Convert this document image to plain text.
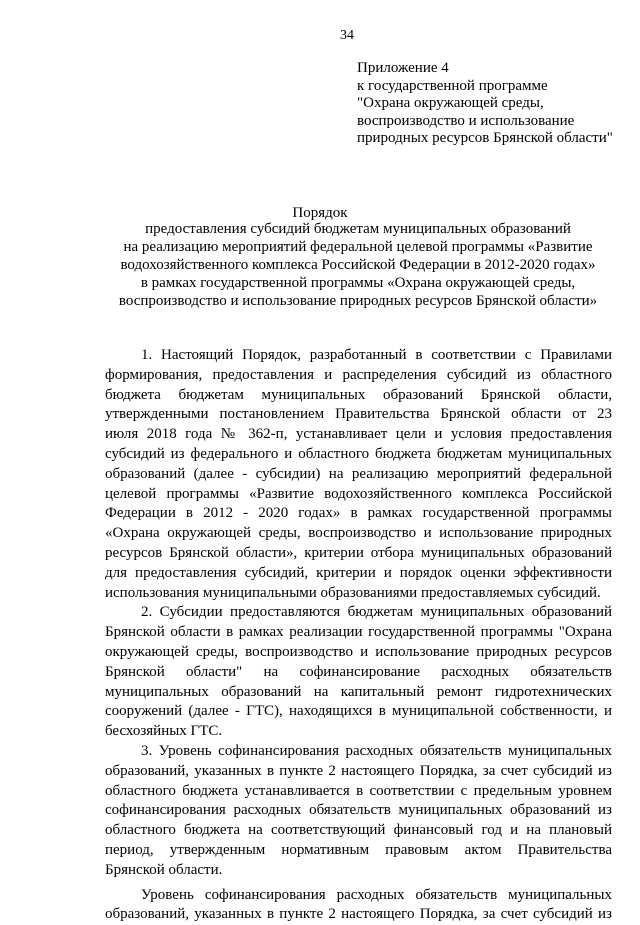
34
Приложение 4
к государственной программе
"Охрана окружающей среды,
воспроизводство и использование
природных ресурсов Брянской области"
Порядок
предоставления субсидий бюджетам муниципальных образований
на реализацию мероприятий федеральной целевой программы «Развитие
водохозяйственного комплекса Российской Федерации в 2012-2020 годах»
в рамках государственной программы «Охрана окружающей среды,
воспроизводство и использование природных ресурсов Брянской области»
1. Настоящий Порядок, разработанный в соответствии с Правилами
формирования, предоставления и распределения субсидий из областного
бюджета бюджетам муниципальных образований Брянской области,
утвержденными постановлением Правительства Брянской области от 23
июля 2018 года № 362-п, устанавливает цели и условия предоставления
субсидий из федерального и областного бюджета бюджетам муниципальных
образований (далее - субсидии) на реализацию мероприятий федеральной
целевой программы «Развитие водохозяйственного комплекса Российской
Федерации в 2012 - 2020 годах» в рамках государственной программы
«Охрана окружающей среды, воспроизводство и использование природных
ресурсов Брянской области», критерии отбора муниципальных образований
для предоставления субсидий, критерии и порядок оценки эффективности
использования муниципальными образованиями предоставляемых субсидий.
2. Субсидии предоставляются бюджетам муниципальных образований
Брянской области в рамках реализации государственной программы "Охрана
окружающей среды, воспроизводство и использование природных ресурсов
Брянской области" на софинансирование расходных обязательств
муниципальных образований на капитальный ремонт гидротехнических
сооружений (далее - ГТС), находящихся в муниципальной собственности, и
бесхозяйных ГТС.
3. Уровень софинансирования расходных обязательств муниципальных
образований, указанных в пункте 2 настоящего Порядка, за счет субсидий из
областного бюджета устанавливается в соответствии с предельным уровнем
софинансирования расходных обязательств муниципальных образований из
областного бюджета на соответствующий финансовый год и на плановый
период, утвержденным нормативным правовым актом Правительства
Брянской области.
Уровень софинансирования расходных обязательств муниципальных
образований, указанных в пункте 2 настоящего Порядка, за счет субсидий из
